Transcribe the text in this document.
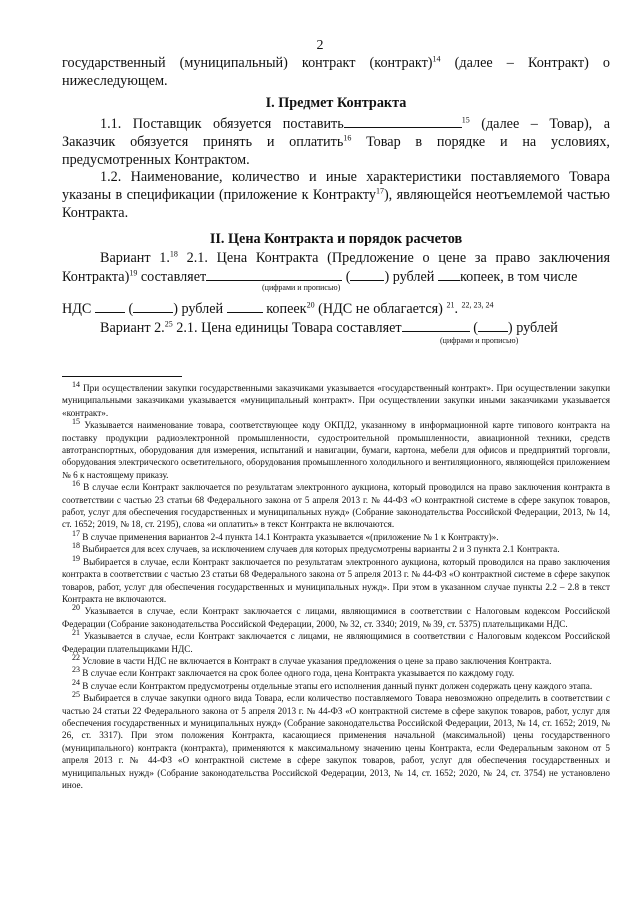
2
государственный (муниципальный) контракт (контракт)$^{14}$ (далее – Контракт) о нижеследующем.
I. Предмет Контракта
1.1. Поставщик обязуется поставить	$^{15}$ (далее – Товар), а Заказчик обязуется принять и оплатить$^{16}$ Товар в порядке и на условиях, предусмотренных Контрактом.
1.2. Наименование, количество и иные характеристики поставляемого Товара указаны в спецификации (приложение к Контракту$^{17}$), являющейся неотъемлемой частью Контракта.
II. Цена Контракта и порядок расчетов
Вариант 1.18 2.1. Цена Контракта (Предложение о цене за право заключения Контракта)$^{19}$ составляет	( ) рублей копеек, в том числе
(цифрами и прописью)
НДС  (	) рублей	копеек$^{20}$ (НДС не облагается) $^{21}$. $^{22, 23, 24}$
Вариант 2.25 2.1. Цена единицы Товара составляет	( ) рублей
(цифрами и прописью)

$^{14}$ При осуществлении закупки государственными заказчиками указывается «государственный контракт». При осуществлении закупки муниципальными заказчиками указывается «муниципальный контракт». При осуществлении закупки иными заказчиками указывается «контракт».

$^{15}$ Указывается наименование товара, соответствующее коду ОКПД2, указанному в информационной карте типового контракта на поставку продукции радиоэлектронной промышленности, судостроительной промышленности, авиационной техники, средств автотранспортных, оборудования для измерения, испытаний и навигации, бумаги, картона, мебели для офисов и предприятий торговли, оборудования электрического осветительного, оборудования промышленного холодильного и вентиляционного, являющейся приложением № 6 к настоящему приказу.

$^{16}$ В случае если Контракт заключается по результатам электронного аукциона, который проводился на право заключения контракта в соответствии с частью 23 статьи 68 Федерального закона от 5 апреля 2013 г. № 44-ФЗ «О контрактной системе в сфере закупок товаров, работ, услуг для обеспечения государственных и муниципальных нужд» (Собрание законодательства Российской Федерации, 2013, № 14, ст. 1652; 2019, № 18, ст. 2195), слова «и оплатить» в текст Контракта не включаются.

$^{17}$ В случае применения вариантов 2-4 пункта 14.1 Контракта указывается «(приложение № 1 к Контракту)».

$^{18}$ Выбирается для всех случаев, за исключением случаев для которых предусмотрены варианты 2 и 3 пункта 2.1 Контракта.

$^{19}$ Выбирается в случае, если Контракт заключается по результатам электронного аукциона, который проводился на право заключения контракта в соответствии с частью 23 статьи 68 Федерального закона от 5 апреля 2013 г. № 44-ФЗ «О контрактной системе в сфере закупок товаров, работ, услуг для обеспечения государственных и муниципальных нужд». При этом в указанном случае пункты 2.2 – 2.8 в текст Контракта не включаются.

$^{20}$ Указывается в случае, если Контракт заключается с лицами, являющимися в соответствии с Налоговым кодексом Российской Федерации (Собрание законодательства Российской Федерации, 2000, № 32, ст. 3340; 2019, № 39, ст. 5375) плательщиками НДС.

$^{21}$ Указывается в случае, если Контракт заключается с лицами, не являющимися в соответствии с Налоговым кодексом Российской Федерации плательщиками НДС.

$^{22}$ Условие в части НДС не включается в Контракт в случае указания предложения о цене за право заключения Контракта.

$^{23}$ В случае если Контракт заключается на срок более одного года, цена Контракта указывается по каждому году.

$^{24}$ В случае если Контрактом предусмотрены отдельные этапы его исполнения данный пункт должен содержать цену каждого этапа.

$^{25}$ Выбирается в случае закупки одного вида Товара, если количество поставляемого Товара невозможно определить в соответствии с частью 24 статьи 22 Федерального закона от 5 апреля 2013 г. № 44-ФЗ «О контрактной системе в сфере закупок товаров, работ, услуг для обеспечения государственных и муниципальных нужд» (Собрание законодательства Российской Федерации, 2013, № 14, ст. 1652; 2019, № 26, ст. 3317). При этом положения Контракта, касающиеся применения начальной (максимальной) цены государственного (муниципального) контракта (контракта), применяются к максимальному значению цены Контракта, если Федеральным законом от 5 апреля 2013 г. № 44-ФЗ «О контрактной системе в сфере закупок товаров, работ, услуг для обеспечения государственных и муниципальных нужд» (Собрание законодательства Российской Федерации, 2013, № 14, ст. 1652; 2020, № 24, ст. 3754) не установлено иное.
